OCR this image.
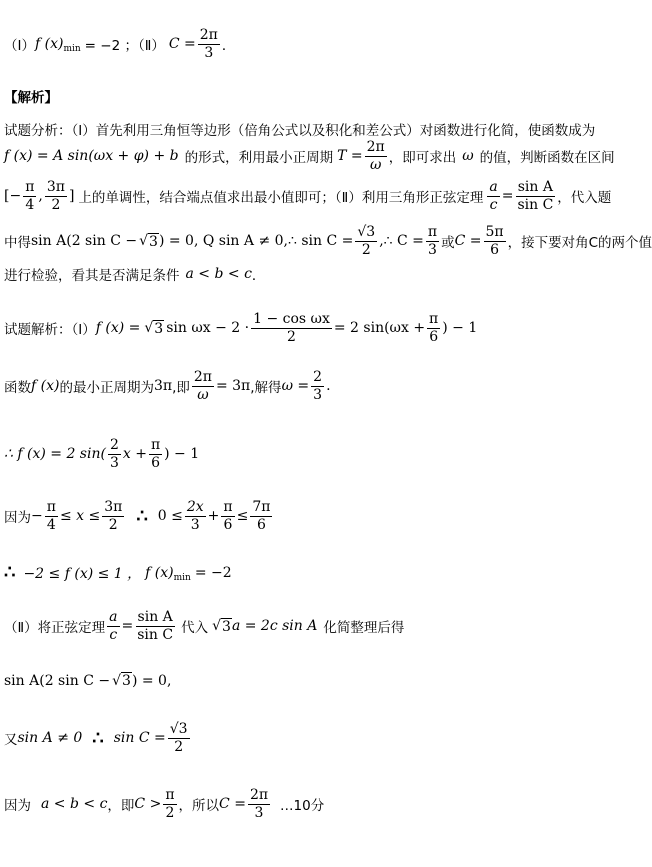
（Ⅰ） f (x) min = −2 ；（Ⅱ） $C = \frac{2\pi}{3}$ ．
【解析】
试题分析：（Ⅰ）首先利用三角恒等边形（倍角公式以及积化和差公式）对函数进行化简，使函数成为
f (x) = A sin(ωx + φ) + b 的形式，利用最小正周期 $T = \frac{2\pi}{\omega}$ ，即可求出 ω 的值，判断函数在区间
[− $\frac{\pi}{4}$ , $\frac{3\pi}{2}$ ] 上的单调性，结合端点值求出最小值即可；（Ⅱ）利用三角形正弦定理 $\frac{a}{c} = \frac{\text{sin A}}{\text{sin C}}$ ，代入题
中得 sin A(2 sin C − √ 3 ) = 0, Q sin A ≠ 0,∴ $\sin C = \frac{√3}{2}$ ,∴ $C = \frac{\pi}{3}$ 或 $C = \frac{5\pi}{6}$ ，接下要对角C的两个值
进行检验，看其是否满足条件 a < b < c ．
试题解析：（Ⅰ） f (x) = √ 3 $\sin \omega x - 2 \cdot \frac{\text{1 − cos ωx}}{2} = 2$ $\sin(\omega x + \frac{\pi}{6}$ ) − 1
函数 f (x) 的最小正周期为 3π ,即 $\frac{2\pi}{\omega} = 3\pi$ ,解得 $\omega = \frac{2}{3}$ .
∴ f (x) = 2 $\sin( \frac{2}{3}$ $x + \frac{\pi}{6}$ ) − 1
因为 − $\frac{\pi}{4} \le x \le \frac{3\pi}{2}$ ∴ $0 \le \frac{2x}{3} + \frac{\pi}{6} \le \frac{7\pi}{6}$
∴ −2 ≤ f (x) ≤ 1 ， f (x) min = −2
（Ⅱ）将正弦定理 $\frac{a}{c} = \frac{\text{sin A}}{\text{sin C}}$ 代入 √ 3 a = 2c sin A 化简整理后得
sin A(2 sin C − √ 3 ) = 0,
又 sin A ≠ 0 ∴ $\sin C = \frac{√3}{2}$
因为 a < b < c ，即 $C > \frac{\pi}{2}$ ，所以 $C = \frac{2\pi}{3}$ …10分
